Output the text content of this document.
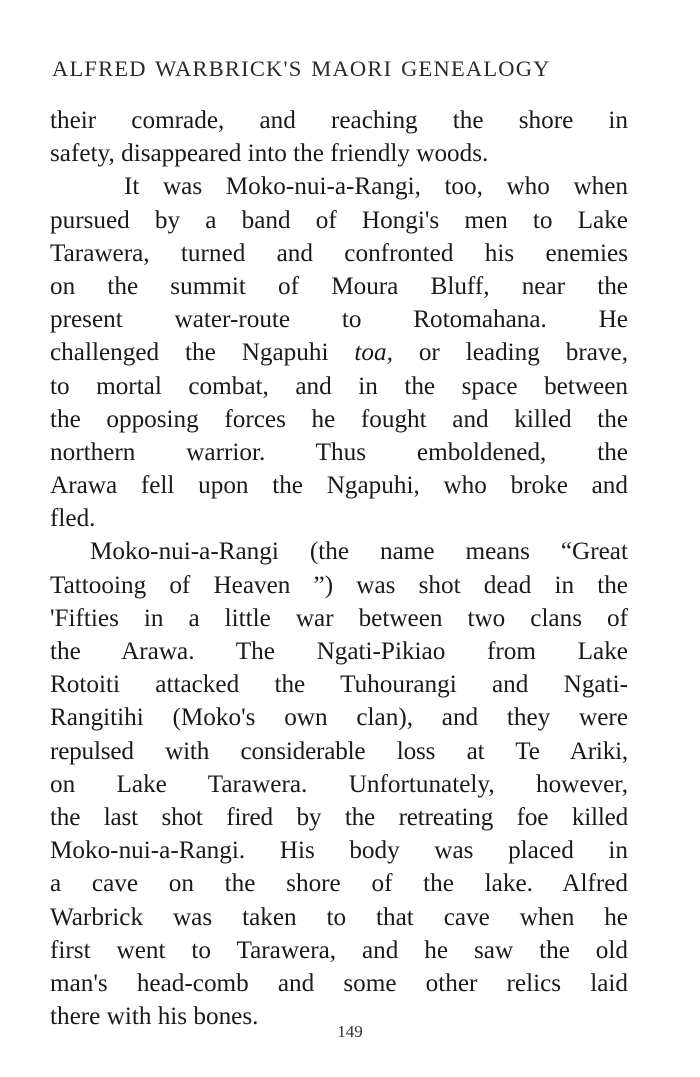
ALFRED WARBRICK'S MAORI GENEALOGY
their comrade, and reaching the shore in
safety, disappeared into the friendly woods.
It was Moko-nui-a-Rangi, too, who when
pursued by a band of Hongi's men to Lake
Tarawera, turned and confronted his enemies
on the summit of Moura Bluff, near the
present water-route to Rotomahana. He
challenged the Ngapuhi toa, or leading brave,
to mortal combat, and in the space between
the opposing forces he fought and killed the
northern warrior. Thus emboldened, the
Arawa fell upon the Ngapuhi, who broke and
fled.
Moko-nui-a-Rangi (the name means “Great
Tattooing of Heaven ”) was shot dead in the
'Fifties in a little war between two clans of
the Arawa. The Ngati-Pikiao from Lake
Rotoiti attacked the Tuhourangi and Ngati-
Rangitihi (Moko's own clan), and they were
repulsed with considerable loss at Te Ariki,
on Lake Tarawera. Unfortunately, however,
the last shot fired by the retreating foe killed
Moko-nui-a-Rangi. His body was placed in
a cave on the shore of the lake. Alfred
Warbrick was taken to that cave when he
first went to Tarawera, and he saw the old
man's head-comb and some other relics laid
there with his bones.
149
